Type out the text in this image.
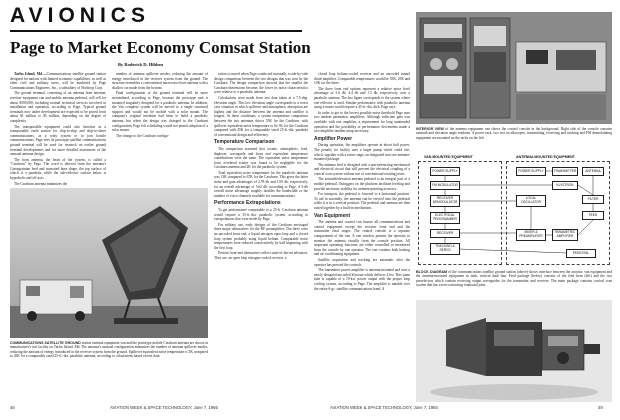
AVIONICS
Page to Market Economy Comsat Station
By Roderick D. Hibben

Tarlos Island, Md.—Communications satellite ground station designed for nations with limited economic capabilities, as well as other civil and military users, will be marketed by Page Communications Engineers, Inc., a subsidiary of Northrop Corp.

The ground terminal, consisting of an antenna horn antenna, receiver equipment van and mobile antenna pedestal, will sell for about $500,000, including normal technical services involved in installation and operation, according to Page. Typical ground terminals now under development are expected to be priced from about $1 million to $5 million, depending on the degree of complexity.

The transportable equipment could also function as a transportable earth station for ship-to-ship and ship-to-shore communications, as a relay system or to join hostile communications. Page sees its prototype satellite communications ground terminal will be used for research on earlier ground terminal developments and for more detailed assessment of the unusual antenna design.

The horn antenna, the heart of the system, is called a "Cassburn" by Page. The word is derived from the antenna's Cassegrainian feed and truncated horn shape, the top surface of which is a parabola, while the sub-reflector surface below is hyperbolic and off-axis.

The Cassburn antenna minimizes the

number of antenna spillover modes, reducing the amount of energy introduced in the receiver system from the ground. The structure resembles a conventional microwave horn antenna with a shallow cut made from the bottom.

Final configuration of the ground terminal will be more streamlined, according to Page, because the prototype unit is mounted singularly designed for a parabolic antenna. In addition, the Van complete system will be moved to a single structural support and would not be mobile with a solar mount. The company's original intention had been to build a parabolic antenna, but when the design was changed to the Cassburn configuration, Page felt scheduling would not permit adoption of a solar mount.

The change to the Cassburn configu-

ration occurred when Page conducted internally a side-by-side design comparison between the two designs that was won by the Cassburn. The design comparison showed that the smaller the Cassburn dimensions become, the lower its noise characteristics were relative to a parabolic antenna.

Calculations were made from test data taken at a 7.5-deg. elevation angle. This low elevation angle corresponds to a worst case situation in which spillover and atmospheric absorption are highest and the distance between the antenna and satellite is longest. At these conditions, a system temperature comparison between the two antennas shows 55K for the Cassburn, with spillover equivalent noise temperature to be 3K for the Cassburn compared with 45K for a comparable sized 25-ft.-dia. parabola of conventional design and efficiency.

Temperature Comparison

The comparison assumed that cosmic, atmospheric, feed, duplexer, waveguide and front end equivalent temperature contributions were the same. The equivalent noise temperature from overhead scatter was found to be negligible for the Cassburn antenna and 2K for the parabolic system.

Total equivalent noise temperature for the parabolic antenna was 13K compared to 67K for the Cassburn. This gives the latter noise and gain advantages of 2.78 db and 1.69 db, respectively, for an overall advantage of 5.62 db, according to Page. A 5-db overall noise advantage roughly doubles the bandwidth or the number of voice channels available for communications.

Performance Extrapolations

To get performance comparable to a 25-ft. Cassburn antenna would require a 35-ft.-dia. parabolic system, according to extrapolations that were made by Page.

For military use, early designs of the Cassburn envisaged three major alternatives for the RF preamplifier. The three were an uncooled front end, a liquid nitrogen open loop and a closed loop system probably using liquid helium. Comparable noise temperatures were reduced consecutively by half beginning with the first loop.

Present front-end alternatives reflect state-of-the-art advances. They are: an open loop nitrogen-cooled receiver, a

closed loop helium-cooled receiver and an uncooled tunnel diode amplifier. Comparable temperatures would be 55K, 25K and 10K for the three.

The three front end options represent a relative noise level advantage of 3.6 db, 4.4 db and 1.3 db, respectively, over a parabolic antenna. The last figure corresponds to the system where one reflector is used. Similar performance with parabolic antenna using a maser would require a 45-ft.-dia. dish, Page says.

In order to get to the lowest possible noise threshold Page uses two tandem parametric amplifiers. Although sufficient gain was available with one amplifier, a requirement for long unattended operation and the possibility of performance decrements made a two-amplifier tandem setup necessary.

Amplifier Power

During operation, the amplifiers operate at about half power. The penalty for facility uses a larger pump which could cite, which, together with a mixer stage, an integrated into one antenna-mounted package.

The antenna feed is designed with a non-interacting mechanical and electrical circuit that will prevent the electrical coupling of a conical scan system without use of conventional rotating joints.

The azimuth/elevation antenna pedestal is an integral part of a mobile pedestal. Outriggers on the platform facilitate leveling and provide necessary stability for antenna-pointing accuracy.

For transport, the pedestal is lowered to a horizontal position. To aid in assembly, the antenna can be erected onto the pedestal while it is in a vertical position. The pedestal and antenna are then raised together by a built-in mechanism.

Van Equipment

The antenna and control van houses all communications and control equipment except the receiver front end and the transmitter final stages. The control console is a separate compartment of the van. A van window permits the operator to monitor the antenna visually from the console position. All important operating functions are either controlled or monitored from the console by one operator. The van contains both heating and air conditioning equipment.

Satellite acquisition and tracking are automatic after the operator has pressed the controls.

The transmitter power amplifier is antenna-mounted and uses a newly designed uncooled klystron which delivers 2 kw. This same tube is capable of a 10-kw. power output with the proper loop cooling system, according to Page. The amplifier is tunable over the entire 6-gc. satellite communications band. A

COMMUNICATIONS SATELLITE GROUND station antenna equipment van and the prototype mobile Cassburn antenna are shown at manufacturer's test facility on Tarlos Island, Md. The antenna's unusual configuration minimizes the number of antenna spillover modes, reducing the amount of energy introduced in the receiver system from the ground. Spillover equivalent noise temperature is 3K compared to 45K for a comparably sized 25-ft.-dia. parabolic antenna, according to calculations based on test data.
INTERIOR VIEW of the antenna equipment van shows the control console in the background. Right side of the console contains azimuth and elevation angle readouts. A power rack, two test oscilloscopes, transmitting, receiving and tracking and FM demodulating equipment are mounted on the racks on the left.
VAN MOUNTED EQUIPMENT	ANTENNA MOUNTED EQUIPMENT
POWER SUPPLY
FM MODULATOR
RECEIVER DEMODULATOR
ELECTRICAL PROGRAMMER
RECEIVER
TRACKING & SERVO
POWER SUPPLY
LOCAL OSCILLATOR
MIXER & PREAMPLIFIER
TRANSMITTER
KLYSTRON
PARAMETRIC AMPLIFIER
FILTER
FEED
ANTENNA
PEDESTAL
BLOCK DIAGRAM of the communications satellite ground station (above) shows interface between the acoustic van equipment and the antenna-mounted equipment as dark, vertical dash line. Feed package (below) consists of the feed horn (left) and the two preselectors which contain receiving output waveguides for the transmitter and receiver. The main package contains conical scan system that has a non-contacting rotational joint.
48	AVIATION WEEK & SPACE TECHNOLOGY, June 7, 1965	AVIATION WEEK & SPACE TECHNOLOGY, June 7, 1965	49
